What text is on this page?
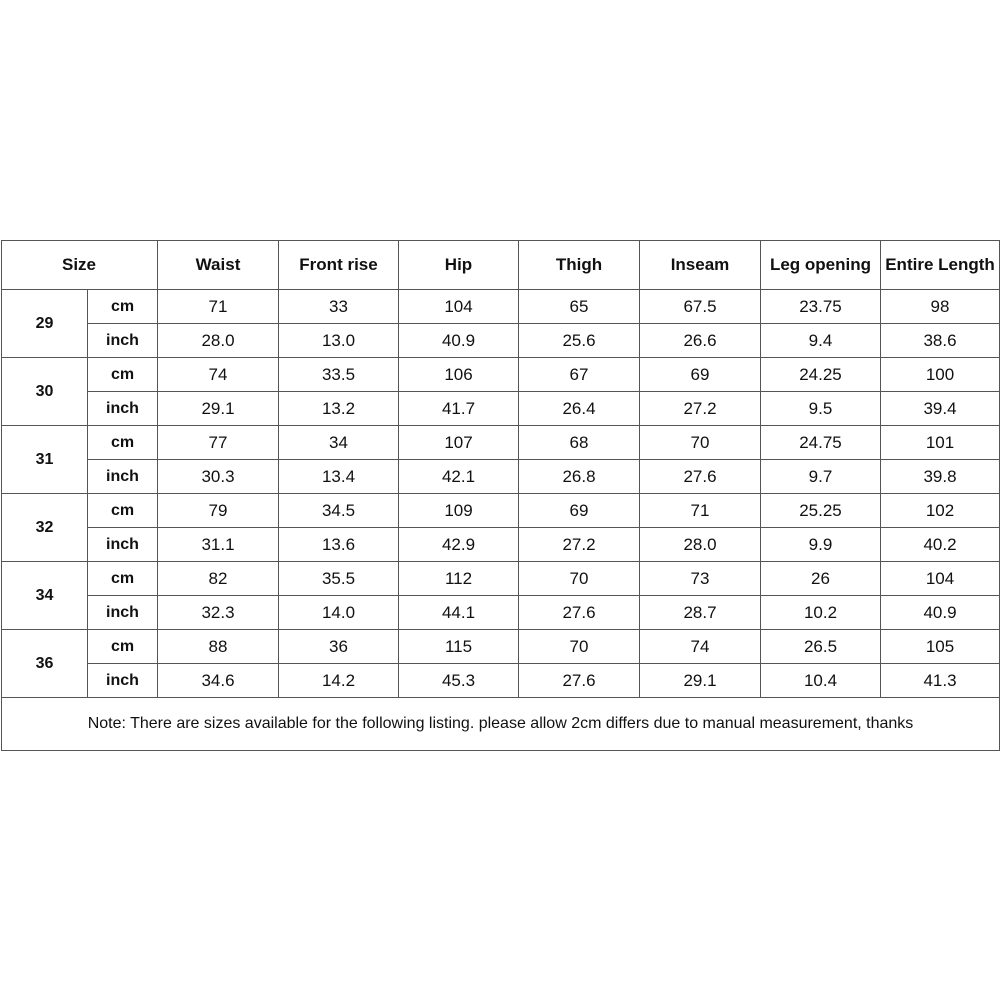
Size		Waist	Front rise	Hip	Thigh	Inseam	Leg opening	Entire Length
29	cm	71	33	104	65	67.5	23.75	98
	inch	28.0	13.0	40.9	25.6	26.6	9.4	38.6
30	cm	74	33.5	106	67	69	24.25	100
	inch	29.1	13.2	41.7	26.4	27.2	9.5	39.4
31	cm	77	34	107	68	70	24.75	101
	inch	30.3	13.4	42.1	26.8	27.6	9.7	39.8
32	cm	79	34.5	109	69	71	25.25	102
	inch	31.1	13.6	42.9	27.2	28.0	9.9	40.2
34	cm	82	35.5	112	70	73	26	104
	inch	32.3	14.0	44.1	27.6	28.7	10.2	40.9
36	cm	88	36	115	70	74	26.5	105
	inch	34.6	14.2	45.3	27.6	29.1	10.4	41.3
Note: There are sizes available for the following listing. please allow 2cm differs due to manual measurement, thanks								
